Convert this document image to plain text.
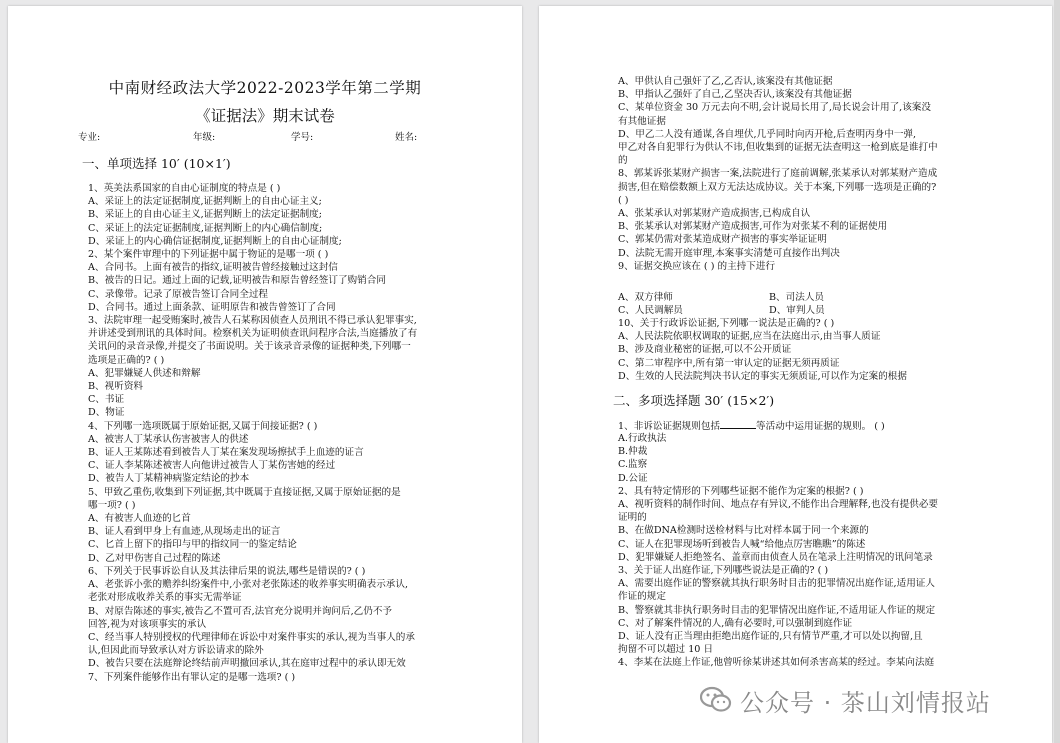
中南财经政法大学2022-2023学年第二学期
《证据法》期末试卷
专业:	年级:	学号:	姓名:
一、单项选择 10′ (10×1′)
1、英美法系国家的自由心证制度的特点是 ( )
A、采证上的法定证据制度,证据判断上的自由心证主义;
B、采证上的自由心证主义,证据判断上的法定证据制度;
C、采证上的法定证据制度,证据判断上的内心确信制度;
D、采证上的内心确信证据制度,证据判断上的自由心证制度;
2、某个案件审理中的下列证据中属于物证的是哪一项 ( )
A、合同书。上面有被告的指纹,证明被告曾经接触过这封信
B、被告的日记。通过上面的记载,证明被告和原告曾经签订了购销合同
C、录像带。记录了原被告签订合同全过程
D、合同书。通过上面条款、证明原告和被告曾签订了合同
3、法院审理一起受贿案时,被告人石某称因侦查人员刑讯不得已承认犯罪事实,
并讲述受到刑讯的具体时间。检察机关为证明侦查讯问程序合法,当庭播放了有
关讯问的录音录像,并提交了书面说明。关于该录音录像的证据种类,下列哪一
选项是正确的? ( )
A、犯罪嫌疑人供述和辩解
B、视听资料
C、书证
D、物证
4、下列哪一选项既属于原始证据,又属于间接证据? ( )
A、被害人丁某承认伤害被害人的供述
B、证人王某陈述看到被告人丁某在案发现场擦拭手上血迹的证言
C、证人李某陈述被害人向他讲过被告人丁某伤害她的经过
D、被告人丁某精神病鉴定结论的抄本
5、甲致乙重伤,收集到下列证据,其中既属于直接证据,又属于原始证据的是
哪一项? ( )
A、有被害人血迹的匕首
B、证人看到甲身上有血迹,从现场走出的证言
C、匕首上留下的指印与甲的指纹同一的鉴定结论
D、乙对甲伤害自己过程的陈述
6、下列关于民事诉讼自认及其法律后果的说法,哪些是错误的? ( )
A、老张诉小张的赡养纠纷案件中,小张对老张陈述的收养事实明确表示承认,
老张对形成收养关系的事实无需举证
B、对原告陈述的事实,被告乙不置可否,法官充分说明并询问后,乙仍不予
回答,视为对该项事实的承认
C、经当事人特别授权的代理律师在诉讼中对案件事实的承认,视为当事人的承
认,但因此而导致承认对方诉讼请求的除外
D、被告只要在法庭辩论终结前声明撤回承认,其在庭审过程中的承认即无效
7、下列案件能够作出有罪认定的是哪一选项? ( )
A、甲供认自己强奸了乙,乙否认,该案没有其他证据
B、甲指认乙强奸了自己,乙坚决否认,该案没有其他证据
C、某单位资金 30 万元去向不明,会计说局长用了,局长说会计用了,该案没
有其他证据
D、甲乙二人没有通谋,各自埋伏,几乎同时向丙开枪,后查明丙身中一弹,
甲乙对各自犯罪行为供认不讳,但收集到的证据无法查明这一枪到底是谁打中
的
8、郭某诉张某财产损害一案,法院进行了庭前调解,张某承认对郭某财产造成
损害,但在赔偿数额上双方无法达成协议。关于本案,下列哪一选项是正确的?
( )
A、张某承认对郭某财产造成损害,已构成自认
B、张某承认对郭某财产造成损害,可作为对张某不利的证据使用
C、郭某仍需对张某造成财产损害的事实举证证明
D、法院无需开庭审理,本案事实清楚可直接作出判决
9、证据交换应该在 ( ) 的主持下进行
A、双方律师	B、司法人员
C、人民调解员	D、审判人员
10、关于行政诉讼证据,下列哪一说法是正确的? ( )
A、人民法院依职权调取的证据,应当在法庭出示,由当事人质证
B、涉及商业秘密的证据,可以不公开质证
C、第二审程序中,所有第一审认定的证据无须再质证
D、生效的人民法院判决书认定的事实无须质证,可以作为定案的根据
二、多项选择题 30′ (15×2′)
1、非诉讼证据规则包括	等活动中运用证据的规则。 ( )
A.行政执法
B.仲裁
C.监察
D.公证
2、具有特定情形的下列哪些证据不能作为定案的根据? ( )
A、视听资料的制作时间、地点存有异议,不能作出合理解释,也没有提供必要
证明的
B、在做DNA检测时送检材料与比对样本属于同一个来源的
C、证人在犯罪现场听到被告人喊“给他点厉害瞧瞧”的陈述
D、犯罪嫌疑人拒绝签名、盖章而由侦查人员在笔录上注明情况的讯问笔录
3、关于证人出庭作证,下列哪些说法是正确的? ( )
A、需要出庭作证的警察就其执行职务时目击的犯罪情况出庭作证,适用证人
作证的规定
B、警察就其非执行职务时目击的犯罪情况出庭作证,不适用证人作证的规定
C、对了解案件情况的人,确有必要时,可以强制到庭作证
D、证人没有正当理由拒绝出庭作证的,只有情节严重,才可以处以拘留,且
拘留不可以超过 10 日
4、李某在法庭上作证,他曾听徐某讲述其如何杀害高某的经过。李某向法庭
公众号 · 茶山刘情报站
